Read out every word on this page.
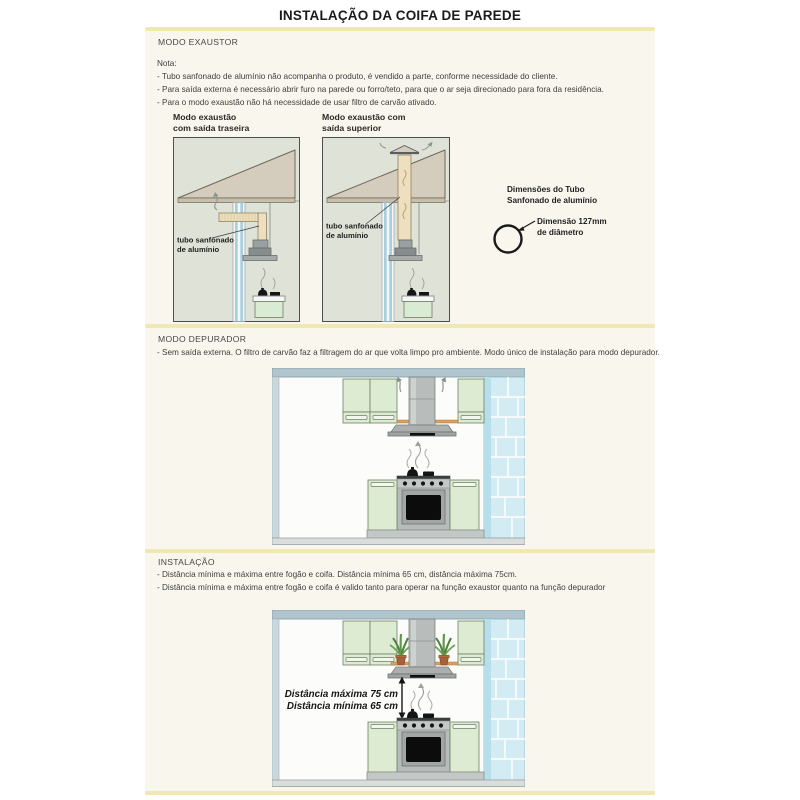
INSTALAÇÃO DA COIFA DE PAREDE
MODO EXAUSTOR
Nota:
- Tubo sanfonado de alumínio não acompanha o produto, é vendido a parte, conforme necessidade do cliente.
- Para saída externa é necessário abrir furo na parede ou forro/teto, para que o ar seja direcionado para fora da residência.
- Para o modo exaustão não há necessidade de usar filtro de carvão ativado.
Modo exaustão
com saída traseira
Modo exaustão com
saída superior
tubo sanfonado
de alumínio
tubo sanfonado
de alumínio
Dimensões do Tubo
Sanfonado de alumínio
Dimensão 127mm
de diâmetro
MODO DEPURADOR
- Sem saída externa. O filtro de carvão faz a filtragem do ar que volta limpo pro ambiente. Modo único de instalação para modo depurador.
INSTALAÇÃO
- Distância mínima e máxima entre fogão e coifa. Distância mínima 65 cm, distância máxima 75cm.
- Distância mínima e máxima entre fogão e coifa é valido tanto para operar na função exaustor quanto na função depurador
Distância máxima 75 cm
Distância mínima 65 cm
